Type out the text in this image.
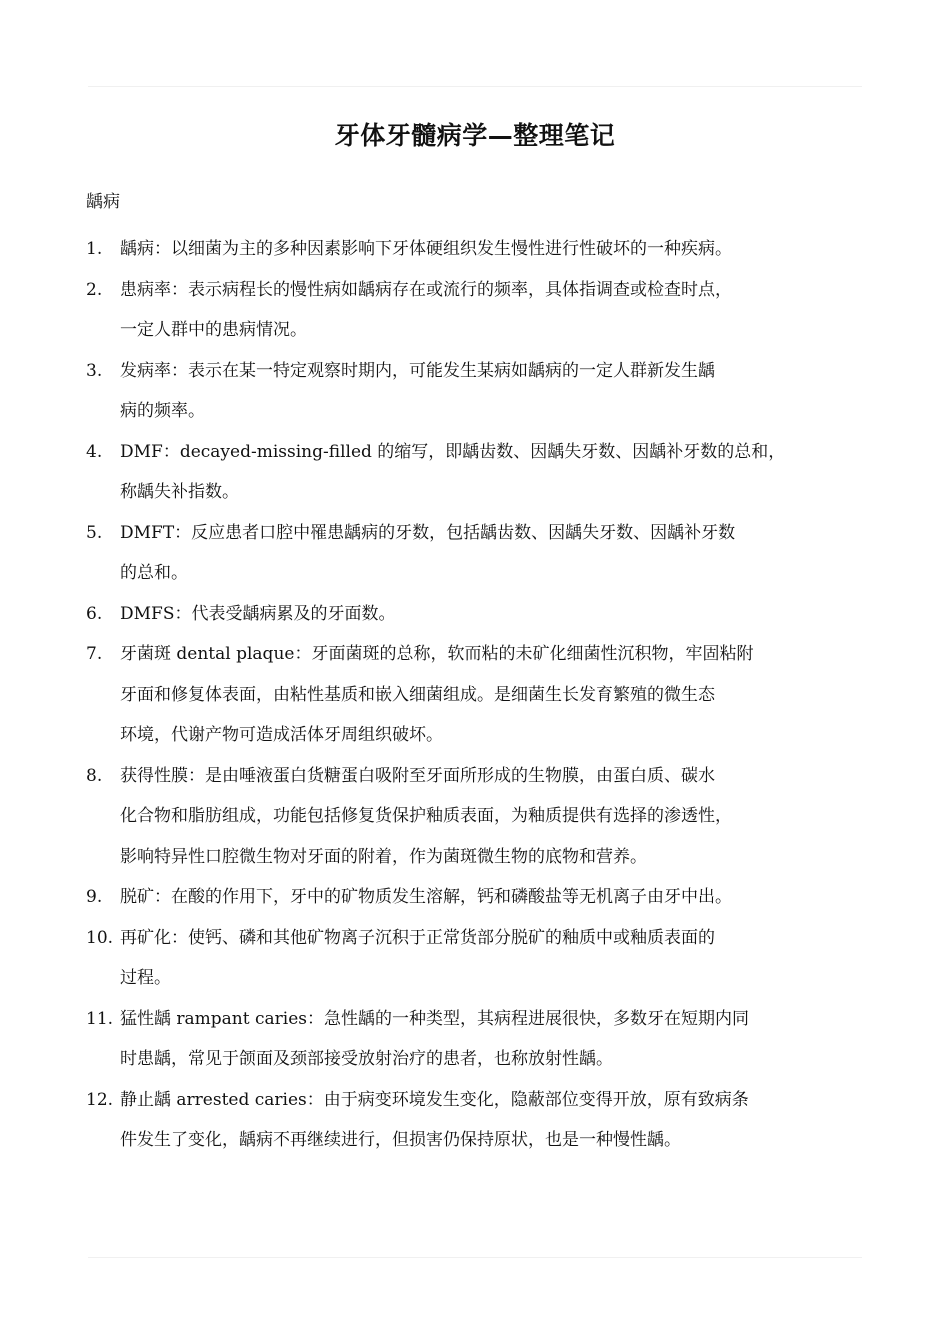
牙体牙髓病学—整理笔记
龋病
1. 龋病：以细菌为主的多种因素影响下牙体硬组织发生慢性进行性破坏的一种疾病。
2. 患病率：表示病程长的慢性病如龋病存在或流行的频率，具体指调查或检查时点，
一定人群中的患病情况。
3. 发病率：表示在某一特定观察时期内，可能发生某病如龋病的一定人群新发生龋
病的频率。
4. DMF：decayed-missing-filled 的缩写，即龋齿数、因龋失牙数、因龋补牙数的总和，
称龋失补指数。
5. DMFT：反应患者口腔中罹患龋病的牙数，包括龋齿数、因龋失牙数、因龋补牙数
的总和。
6. DMFS：代表受龋病累及的牙面数。
7. 牙菌斑 dental plaque：牙面菌斑的总称，软而粘的未矿化细菌性沉积物，牢固粘附
牙面和修复体表面，由粘性基质和嵌入细菌组成。是细菌生长发育繁殖的微生态
环境，代谢产物可造成活体牙周组织破坏。
8. 获得性膜：是由唾液蛋白货糖蛋白吸附至牙面所形成的生物膜，由蛋白质、碳水
化合物和脂肪组成，功能包括修复货保护釉质表面，为釉质提供有选择的渗透性，
影响特异性口腔微生物对牙面的附着，作为菌斑微生物的底物和营养。
9. 脱矿：在酸的作用下，牙中的矿物质发生溶解，钙和磷酸盐等无机离子由牙中出。
10. 再矿化：使钙、磷和其他矿物离子沉积于正常货部分脱矿的釉质中或釉质表面的
过程。
11. 猛性龋 rampant caries：急性龋的一种类型，其病程进展很快，多数牙在短期内同
时患龋，常见于颌面及颈部接受放射治疗的患者，也称放射性龋。
12. 静止龋 arrested caries：由于病变环境发生变化，隐蔽部位变得开放，原有致病条
件发生了变化，龋病不再继续进行，但损害仍保持原状，也是一种慢性龋。
